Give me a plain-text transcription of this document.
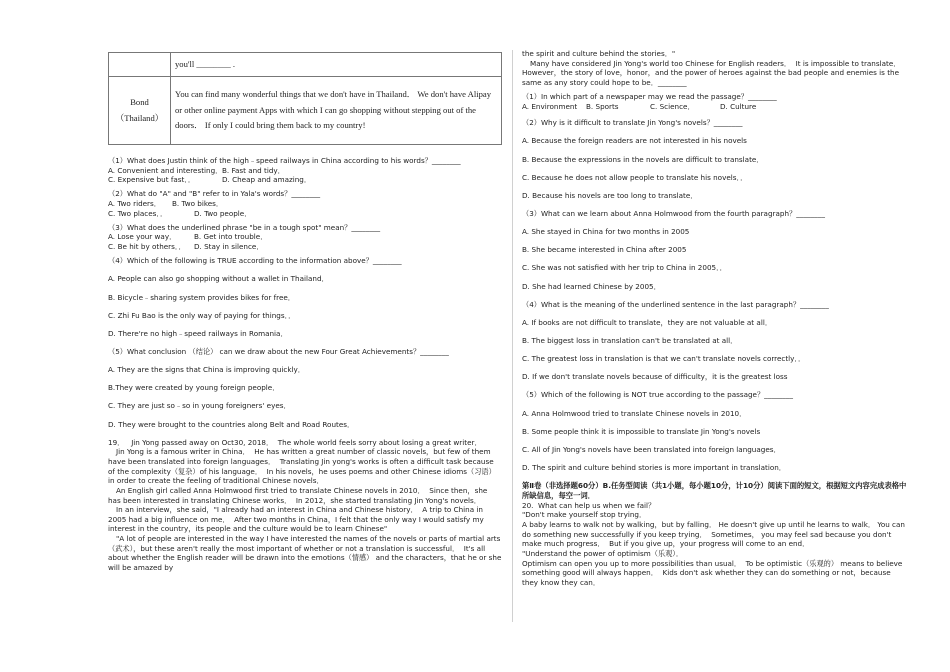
	you'll ________ .
Bond（Thailand）	You can find many wonderful things that we don't have in Thailand． We don't have Alipay or other online payment Apps with which I can go shopping without stepping out of the doors． If only I could bring them back to my country!

（1）What does Justin think of the high﹣speed railways in China according to his words？________

A. Convenient and interesting． B. Fast and tidy．
C. Expensive but fast．．	D. Cheap and amazing．

（2）What do "A" and "B" refer to in Yala's words？________

A. Two riders．	B. Two bikes．
C. Two places．．	D. Two people．

（3）What does the underlined phrase "be in a tough spot" mean？________

A. Lose your way．	B. Get into trouble．
C. Be hit by others．．	D. Stay in silence．

（4）Which of the following is TRUE according to the information above？________

A. People can also go shopping without a wallet in Thailand．

B. Bicycle﹣sharing system provides bikes for free．

C. Zhi Fu Bao is the only way of paying for things．．

D. There're no high﹣speed railways in Romania．

（5）What conclusion （结论） can we draw about the new Four Great Achievements？________

A. They are the signs that China is improving quickly．

B.They were created by young foreign people．

C. They are just so﹣so in young foreigners' eyes．

D. They were brought to the countries along Belt and Road Routes．

19．   Jin Yong passed away on Oct30, 2018．  The whole world feels sorry about losing a great writer．

Jin Yong is a famous writer in China．  He has written a great number of classic novels，but few of them have been translated into foreign languages．  Translating Jin yong's works is often a difficult task because of the complexity（复杂）of his language．  In his novels，he uses poems and other Chinese idioms（习语）in order to create the feeling of traditional Chinese novels．

An English girl called Anna Holmwood first tried to translate Chinese novels in 2010．  Since then，she has been interested in translating Chinese works．  In 2012，she started translating Jin Yong's novels．

In an interview，she said，"I already had an interest in China and Chinese history．  A trip to China in 2005 had a big influence on me．  After two months in China，I felt that the only way I would satisfy my interest in the country，its people and the culture would be to learn Chinese"

"A lot of people are interested in the way I have interested the names of the novels or parts of martial arts（武术），but these aren't really the most important of whether or not a translation is successful．  It's all about whether the English reader will be drawn into the emotions（情感） and the characters，that he or she will be amazed by

the spirit and culture behind the stories．"

Many have considered Jin Yong's world too Chinese for English readers．  It is impossible to translate．  However，the story of love，honor，and the power of heroes against the bad people and enemies is the same as any story could hope to be．________

（1）In which part of a newspaper may we read the passage？________

A. Environment	B. Sports	C. Science．	D. Culture

（2）Why is it difficult to translate Jin Yong's novels？________

A. Because the foreign readers are not interested in his novels

B. Because the expressions in the novels are difficult to translate．

C. Because he does not allow people to translate his novels．．

D. Because his novels are too long to translate．

（3）What can we learn about Anna Holmwood from the fourth paragraph？________

A. She stayed in China for two months in 2005

B. She became interested in China after 2005

C. She was not satisfied with her trip to China in 2005．．

D. She had learned Chinese by 2005．

（4）What is the meaning of the underlined sentence in the last paragraph？________

A. If books are not difficult to translate，they are not valuable at all．

B. The biggest loss in translation can't be translated at all．

C. The greatest loss in translation is that we can't translate novels correctly．．

D. If we don't translate novels because of difficulty，it is the greatest loss

（5）Which of the following is NOT true according to the passage？________

A. Anna Holmwood tried to translate Chinese novels in 2010．

B. Some people think it is impossible to translate Jin Yong's novels

C. All of Jin Yong's novels have been translated into foreign languages．

D. The spirit and culture behind stories is more important in translation．

第Ⅱ卷（非选择题60分）B.任务型阅读（共1小题，每小题10分，计10分）阅读下面的短文，根据短文内容完成表格中所缺信息，每空一词．

20.  What can help us when we fail？

"Don't make yourself stop trying．

A baby learns to walk not by walking，but by falling． He doesn't give up until he learns to walk． You can do something new successfully if you keep trying．  Sometimes， you may feel sad because you don't make much progress．  But if you give up，your progress will come to an end．

"Understand the power of optimism（乐观）．

Optimism can open you up to more possibilities than usual．  To be optimistic（乐观的） means to believe something good will always happen．  Kids don't ask whether they can do something or not，because they know they can．
